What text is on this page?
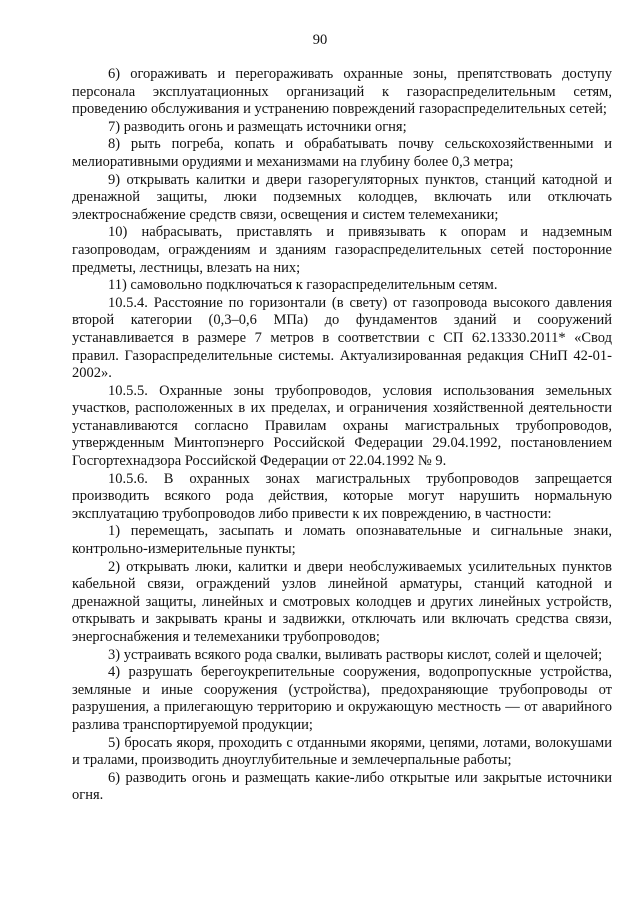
90

6) огораживать и перегораживать охранные зоны, препятствовать доступу персонала эксплуатационных организаций к газораспределительным сетям, проведению обслуживания и устранению повреждений газораспределительных сетей;

7) разводить огонь и размещать источники огня;

8) рыть погреба, копать и обрабатывать почву сельскохозяйственными и мелиоративными орудиями и механизмами на глубину более 0,3 метра;

9) открывать калитки и двери газорегуляторных пунктов, станций катодной и дренажной защиты, люки подземных колодцев, включать или отключать электроснабжение средств связи, освещения и систем телемеханики;

10) набрасывать, приставлять и привязывать к опорам и надземным газопроводам, ограждениям и зданиям газораспределительных сетей посторонние предметы, лестницы, влезать на них;

11) самовольно подключаться к газораспределительным сетям.

10.5.4. Расстояние по горизонтали (в свету) от газопровода высокого давления второй категории (0,3–0,6 МПа) до фундаментов зданий и сооружений устанавливается в размере 7 метров в соответствии с СП 62.13330.2011* «Свод правил. Газораспределительные системы. Актуализированная редакция СНиП 42-01-2002».

10.5.5. Охранные зоны трубопроводов, условия использования земельных участков, расположенных в их пределах, и ограничения хозяйственной деятельности устанавливаются согласно Правилам охраны магистральных трубопроводов, утвержденным Минтопэнерго Российской Федерации 29.04.1992, постановлением Госгортехнадзора Российской Федерации от 22.04.1992 № 9.

10.5.6. В охранных зонах магистральных трубопроводов запрещается производить всякого рода действия, которые могут нарушить нормальную эксплуатацию трубопроводов либо привести к их повреждению, в частности:

1) перемещать, засыпать и ломать опознавательные и сигнальные знаки, контрольно-измерительные пункты;

2) открывать люки, калитки и двери необслуживаемых усилительных пунктов кабельной связи, ограждений узлов линейной арматуры, станций катодной и дренажной защиты, линейных и смотровых колодцев и других линейных устройств, открывать и закрывать краны и задвижки, отключать или включать средства связи, энергоснабжения и телемеханики трубопроводов;

3) устраивать всякого рода свалки, выливать растворы кислот, солей и щелочей;

4) разрушать берегоукрепительные сооружения, водопропускные устройства, земляные и иные сооружения (устройства), предохраняющие трубопроводы от разрушения, а прилегающую территорию и окружающую местность — от аварийного разлива транспортируемой продукции;

5) бросать якоря, проходить с отданными якорями, цепями, лотами, волокушами и тралами, производить дноуглубительные и землечерпальные работы;

6) разводить огонь и размещать какие-либо открытые или закрытые источники огня.
